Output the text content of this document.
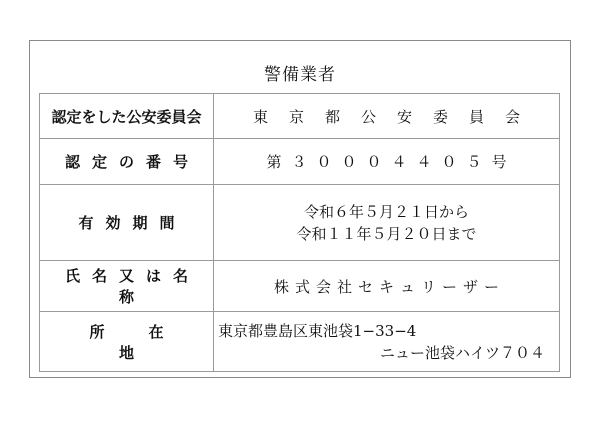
警備業者
認定をした公安委員会	東京都公安委員会
認定の番号	第３０００４４０５号
有効期間	令和６年５月２１日から
令和１１年５月２０日まで

氏名又は名称	株式会社セキュリーザー
所在地	東京都豊島区東池袋1−33−4
ニュー池袋ハイツ７０４
